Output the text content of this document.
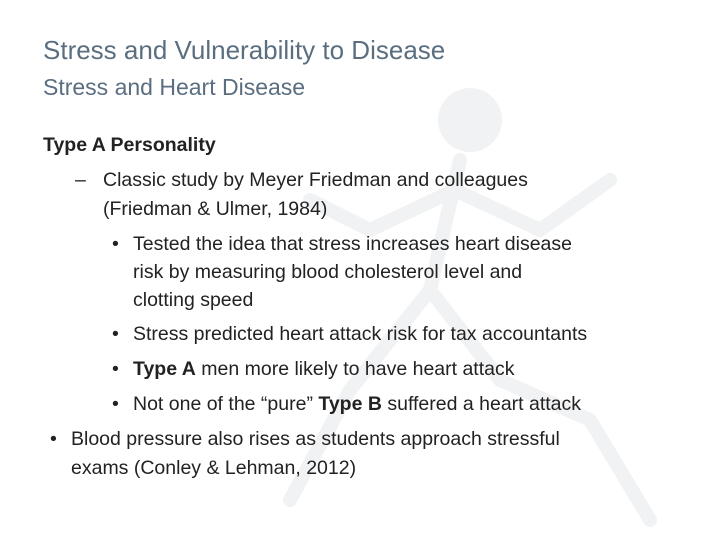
Stress and Vulnerability to Disease
Stress and Heart Disease
Type A Personality
– Classic study by Meyer Friedman and colleagues
(Friedman & Ulmer, 1984)
• Tested the idea that stress increases heart disease
risk by measuring blood cholesterol level and
clotting speed
• Stress predicted heart attack risk for tax accountants
• Type A men more likely to have heart attack
• Not one of the “pure” Type B suffered a heart attack
• Blood pressure also rises as students approach stressful
exams (Conley & Lehman, 2012)
